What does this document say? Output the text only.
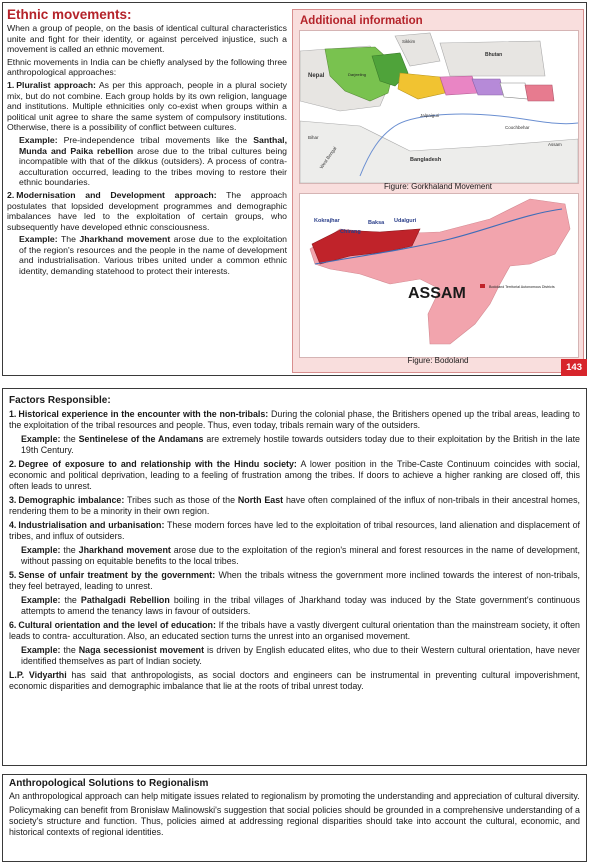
Ethnic movements:

When a group of people, on the basis of identical cultural characteristics unite and fight for their identity, or against perceived injustice, such a movement is called an ethnic movement.

Ethnic movements in India can be chiefly analysed by the following three anthropological approaches:

1. Pluralist approach: As per this approach, people in a plural society mix, but do not combine. Each group holds by its own religion, language and institutions. Multiple ethnicities only co-exist when groups within a political unit agree to share the same system of compulsory institutions. Otherwise, there is a possibility of conflict between cultures.
Example: Pre-independence tribal movements like the Santhal, Munda and Paika rebellion arose due to the tribal cultures being incompatible with that of the dikkus (outsiders). A process of contra-acculturation occurred, leading to the tribes moving to restore their ethnic boundaries.
2. Modernisation and Development approach: The approach postulates that lopsided development programmes and demographic imbalances have led to the exploitation of certain groups, who subsequently have developed ethnic consciousness.
Example: The Jharkhand movement arose due to the exploitation of the region's resources and the people in the name of development and industrialisation. Various tribes united under a common ethnic identity, demanding statehood to protect their interests.
Additional information
Nepal
Sikkim
Bhutan
Jalpaiguri
Bihar
Bangladesh
Coochbehar
Assam
Darjeeling
West Bengal
Figure: Gorkhaland Movement
Kokrajhar
Chirang
Baksa Udalguri
ASSAM	Bodoland Territorial Autonomous Districts
Figure: Bodoland
143
Factors Responsible:
1. Historical experience in the encounter with the non-tribals: During the colonial phase, the Britishers opened up the tribal areas, leading to the exploitation of the tribal resources and people. Thus, even today, tribals remain wary of the outsiders.
Example: the Sentinelese of the Andamans are extremely hostile towards outsiders today due to their exploitation by the British in the late 19th Century.
2. Degree of exposure to and relationship with the Hindu society: A lower position in the Tribe-Caste Continuum coincides with social, economic and political deprivation, leading to a feeling of frustration among the tribes. If doors to achieve a higher ranking are closed off, this often leads to unrest.
3. Demographic imbalance: Tribes such as those of the North East have often complained of the influx of non-tribals in their ancestral homes, rendering them to be a minority in their own region.
4. Industrialisation and urbanisation: These modern forces have led to the exploitation of tribal resources, land alienation and displacement of tribes, and influx of outsiders.
Example: the Jharkhand movement arose due to the exploitation of the region's mineral and forest resources in the name of development, without passing on equitable benefits to the local tribes.
5. Sense of unfair treatment by the government: When the tribals witness the government more inclined towards the interest of non-tribals, they feel betrayed, leading to unrest.
Example: the Pathalgadi Rebellion boiling in the tribal villages of Jharkhand today was induced by the State government's continuous attempts to amend the tenancy laws in favour of outsiders.
6. Cultural orientation and the level of education: If the tribals have a vastly divergent cultural orientation than the mainstream society, it often leads to contra- acculturation. Also, an educated section turns the unrest into an organised movement.
Example: the Naga secessionist movement is driven by English educated elites, who due to their Western cultural orientation, have never identified themselves as part of Indian society.
L.P. Vidyarthi has said that anthropologists, as social doctors and engineers can be instrumental in preventing cultural impoverishment, economic disparities and demographic imbalance that lie at the roots of tribal unrest today.
Anthropological Solutions to Regionalism

An anthropological approach can help mitigate issues related to regionalism by promoting the understanding and appreciation of cultural diversity.

Policymaking can benefit from Bronisław Malinowski's suggestion that social policies should be grounded in a comprehensive understanding of a society's structure and function. Thus, policies aimed at addressing regional disparities should take into account the cultural, economic, and historical contexts of regional identities.
